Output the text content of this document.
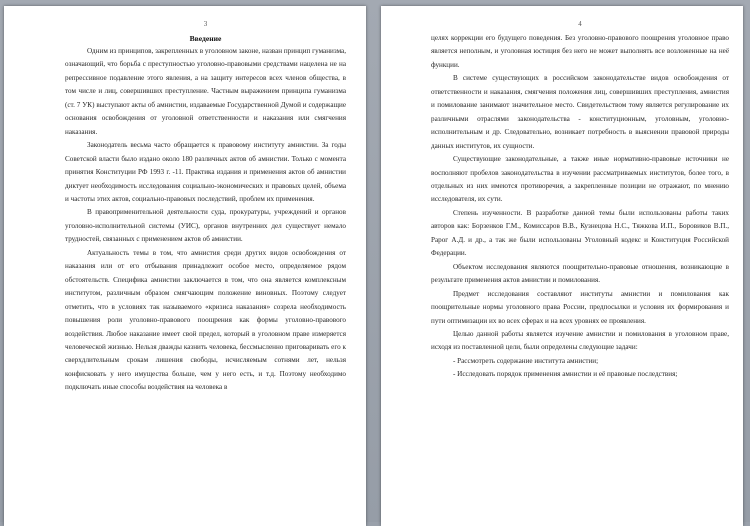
3
Введение

Одним из принципов, закрепленных в уголовном законе, назван принцип гуманизма, означающий, что борьба с преступностью уголовно-правовыми средствами нацелена не на репрессивное подавление этого явления, а на защиту интересов всех членов общества, в том числе и лиц, совершивших преступление. Частным выражением принципа гуманизма (ст. 7 УК) выступают акты об амнистии, издаваемые Государственной Думой и содержащие основания освобождения от уголовной ответственности и наказания или смягчения наказания.

Законодатель весьма часто обращается к правовому институту амнистии. За годы Советской власти было издано около 180 различных актов об амнистии. Только с момента принятия Конституции РФ 1993 г. -11. Практика издания и применения актов об амнистии диктует необходимость исследования социально-экономических и правовых целей, объема и частоты этих актов, социально-правовых последствий, проблем их применения.

В правоприменительной деятельности суда, прокуратуры, учреждений и органов уголовно-исполнительной системы (УИС), органов внутренних дел существует немало трудностей, связанных с применением актов об амнистии.

Актуальность темы в том, что амнистия среди других видов освобождения от наказания или от его отбывания принадлежит особое место, определяемое рядом обстоятельств. Специфика амнистии заключается в том, что она является комплексным институтом, различным образом смягчающим положение виновных. Поэтому следует отметить, что в условиях так называемого «кризиса наказания» созрела необходимость повышения роли уголовно-правового поощрения как формы уголовно-правового воздействия. Любое наказание имеет свой предел, который в уголовном праве измеряется человеческой жизнью. Нельзя дважды казнить человека, бессмысленно приговаривать его к сверхдлительным срокам лишения свободы, исчисляемым сотнями лет, нельзя конфисковать у него имущества больше, чем у него есть, и т.д. Поэтому необходимо подключать иные способы воздействия на человека в

4

целях коррекции его будущего поведения. Без уголовно-правового поощрения уголовное право является неполным, и уголовная юстиция без него не может выполнять все возложенные на неё функции.

В системе существующих в российском законодательстве видов освобождения от ответственности и наказания, смягчения положения лиц, совершивших преступления, амнистия и помилование занимают значительное место. Свидетельством тому является регулирование их различными отраслями законодательства - конституционным, уголовным, уголовно-исполнительным и др. Следовательно, возникает потребность в выяснении правовой природы данных институтов, их сущности.

Существующие законодательные, а также иные нормативно-правовые источники не восполняют пробелов законодательства в изучении рассматриваемых институтов, более того, в отдельных из них имеются противоречия, а закрепленные позиции не отражают, по мнению исследователя, их сути.

Степень изученности. В разработке данной темы были использованы работы таких авторов как: Борзенков Г.М., Комиссаров В.В., Кузнецова Н.С., Тяжкова И.П., Боровиков В.П., Рарог А.Д. и др., а так же были использованы Уголовный кодекс и Конституция Российской Федерации.

Объектом исследования являются поощрительно-правовые отношения, возникающие в результате применения актов амнистии и помилования.

Предмет исследования составляют институты амнистии и помилования как поощрительные нормы уголовного права России, предпосылки и условия их формирования и пути оптимизации их во всех сферах и на всех уровнях ее проявления.

Целью данной работы является изучение амнистии и помилования в уголовном праве, исходя из поставленной цели, были определены следующие задачи:

- Рассмотреть содержание института амнистии;

- Исследовать порядок применения амнистии и её правовые последствия;
